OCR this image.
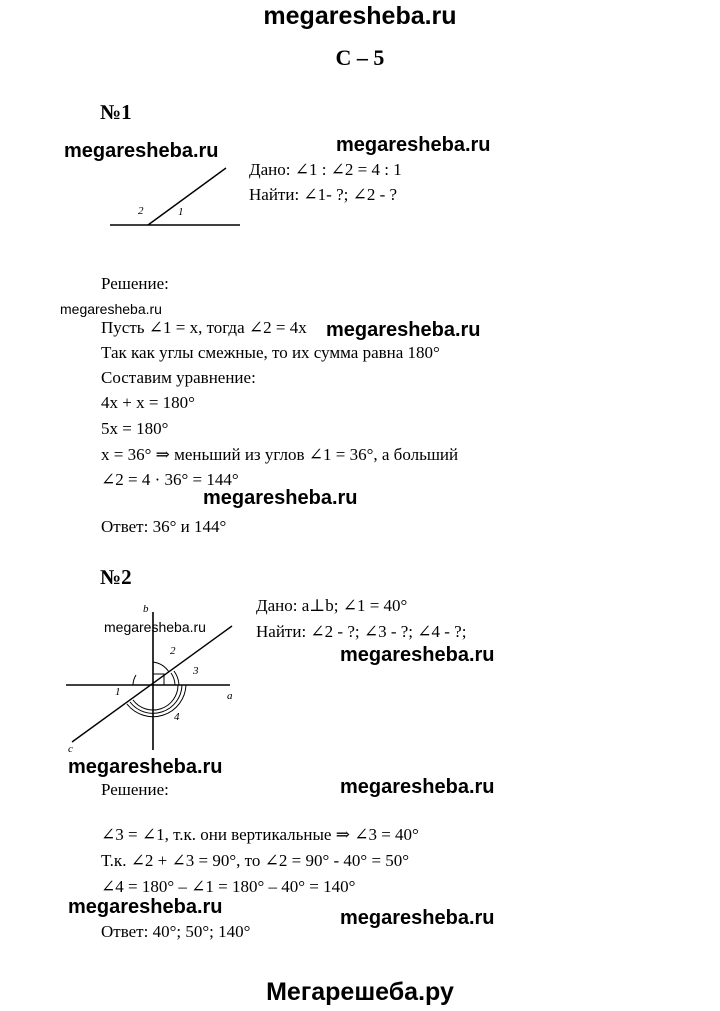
megaresheba.ru
С – 5
№1
megaresheba.ru	megaresheba.ru
2	1
Дано: ∠1 : ∠2 = 4 : 1
Найти: ∠1- ?; ∠2 - ?
Решение:
megaresheba.ru
Пусть ∠1 = x, тогда ∠2 = 4x megaresheba.ru
Так как углы смежные, то их сумма равна 180°
Составим уравнение:
4x + x = 180°
5x = 180°
x = 36° ⇒ меньший из углов ∠1 = 36°, а больший
∠2 = 4 · 36° = 144°
megaresheba.ru
Ответ: 36° и 144°
№2
b
a
c
1
2
3
4
megaresheba.ru
Дано: a⊥b; ∠1 = 40°
Найти: ∠2 - ?; ∠3 - ?; ∠4 - ?;
megaresheba.ru
megaresheba.ru
Решение:	megaresheba.ru
∠3 = ∠1, т.к. они вертикальные ⇒ ∠3 = 40°
Т.к. ∠2 + ∠3 = 90°, то ∠2 = 90° - 40° = 50°
∠4 = 180° – ∠1 = 180° – 40° = 140°
megaresheba.ru	megaresheba.ru
Ответ: 40°; 50°; 140°
Мегарешеба.ру
